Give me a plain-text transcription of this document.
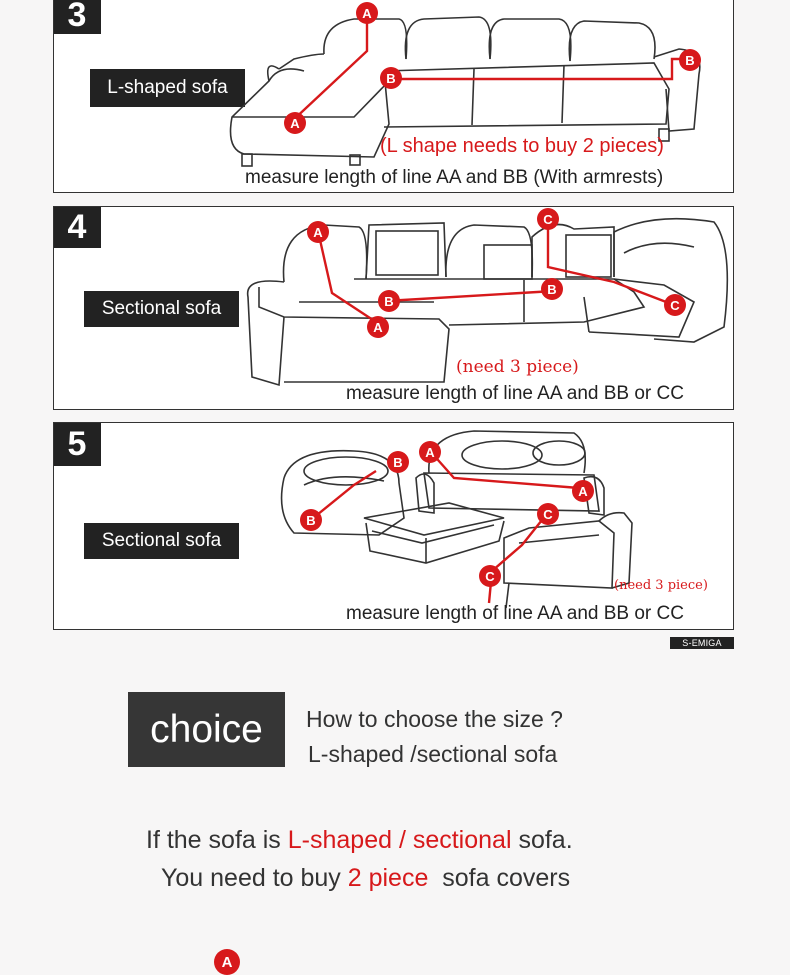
3
L-shaped sofa
A
B
A
B
(L shape needs to buy 2 pieces)
measure length of line AA and BB (With armrests)
4
Sectional sofa
A
B
A
B
C
C
(need 3 piece)
measure length of line AA and BB or CC
5
Sectional sofa
B
A
B
A
C
C
(need 3 piece)
measure length of line AA and BB or CC
S-EMIGA
choice	How to choose the size ?
L-shaped /sectional sofa
If the sofa is L-shaped / sectional sofa.
You need to buy 2 piece  sofa covers
A
